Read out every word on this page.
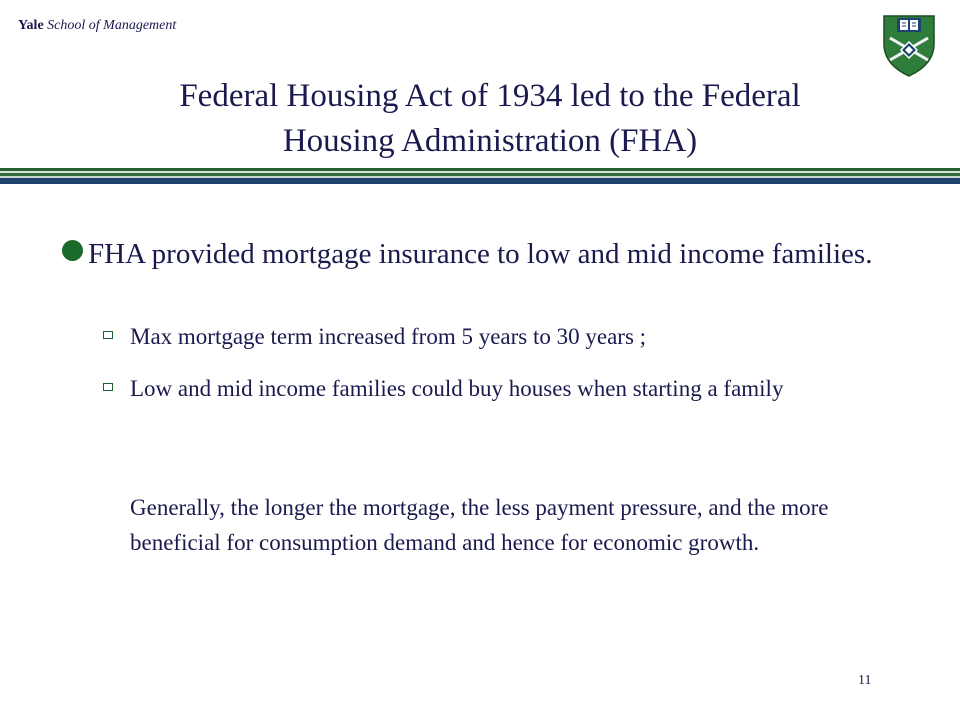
Yale School of Management
Federal Housing Act of 1934 led to the Federal
Housing Administration (FHA)
FHA provided mortgage insurance to low and mid income families.
Max mortgage term increased from 5 years to 30 years ;
Low and mid income families could buy houses when starting a family
Generally, the longer the mortgage, the less payment pressure, and the more beneficial for consumption demand and hence for economic growth.
11
